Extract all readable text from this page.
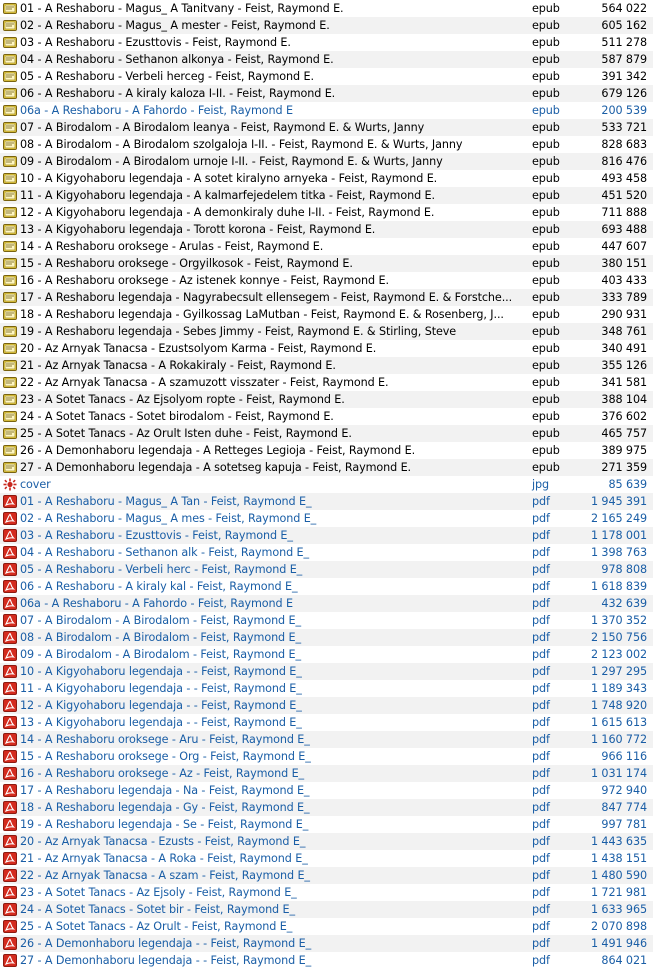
01 - A Reshaboru - Magus_ A Tanitvany - Feist, Raymond E.	epub	564 022
02 - A Reshaboru - Magus_ A mester - Feist, Raymond E.	epub	605 162
03 - A Reshaboru - Ezusttovis - Feist, Raymond E.	epub	511 278
04 - A Reshaboru - Sethanon alkonya - Feist, Raymond E.	epub	587 879
05 - A Reshaboru - Verbeli herceg - Feist, Raymond E.	epub	391 342
06 - A Reshaboru - A kiraly kaloza I-II. - Feist, Raymond E.	epub	679 126
06a - A Reshaboru - A Fahordo - Feist, Raymond E	epub	200 539
07 - A Birodalom - A Birodalom leanya - Feist, Raymond E. & Wurts, Janny	epub	533 721
08 - A Birodalom - A Birodalom szolgaloja I-II. - Feist, Raymond E. & Wurts, Janny	epub	828 683
09 - A Birodalom - A Birodalom urnoje I-II. - Feist, Raymond E. & Wurts, Janny	epub	816 476
10 - A Kigyohaboru legendaja - A sotet kiralyno arnyeka - Feist, Raymond E.	epub	493 458
11 - A Kigyohaboru legendaja - A kalmarfejedelem titka - Feist, Raymond E.	epub	451 520
12 - A Kigyohaboru legendaja - A demonkiraly duhe I-II. - Feist, Raymond E.	epub	711 888
13 - A Kigyohaboru legendaja - Torott korona - Feist, Raymond E.	epub	693 488
14 - A Reshaboru oroksege - Arulas - Feist, Raymond E.	epub	447 607
15 - A Reshaboru oroksege - Orgyilkosok - Feist, Raymond E.	epub	380 151
16 - A Reshaboru oroksege - Az istenek konnye - Feist, Raymond E.	epub	403 433
17 - A Reshaboru legendaja - Nagyrabecsult ellensegem - Feist, Raymond E. & Forstche...	epub	333 789
18 - A Reshaboru legendaja - Gyilkossag LaMutban - Feist, Raymond E. & Rosenberg, J...	epub	290 931
19 - A Reshaboru legendaja - Sebes Jimmy - Feist, Raymond E. & Stirling, Steve	epub	348 761
20 - Az Arnyak Tanacsa - Ezustsolyom Karma - Feist, Raymond E.	epub	340 491
21 - Az Arnyak Tanacsa - A Rokakiraly - Feist, Raymond E.	epub	355 126
22 - Az Arnyak Tanacsa - A szamuzott visszater - Feist, Raymond E.	epub	341 581
23 - A Sotet Tanacs - Az Ejsolyom ropte - Feist, Raymond E.	epub	388 104
24 - A Sotet Tanacs - Sotet birodalom - Feist, Raymond E.	epub	376 602
25 - A Sotet Tanacs - Az Orult Isten duhe - Feist, Raymond E.	epub	465 757
26 - A Demonhaboru legendaja - A Retteges Legioja - Feist, Raymond E.	epub	389 975
27 - A Demonhaboru legendaja - A sotetseg kapuja - Feist, Raymond E.	epub	271 359
cover	jpg	85 639
01 - A Reshaboru - Magus_ A Tan - Feist, Raymond E_	pdf	1 945 391
02 - A Reshaboru - Magus_ A mes - Feist, Raymond E_	pdf	2 165 249
03 - A Reshaboru - Ezusttovis - Feist, Raymond E_	pdf	1 178 001
04 - A Reshaboru - Sethanon alk - Feist, Raymond E_	pdf	1 398 763
05 - A Reshaboru - Verbeli herc - Feist, Raymond E_	pdf	978 808
06 - A Reshaboru - A kiraly kal - Feist, Raymond E_	pdf	1 618 839
06a - A Reshaboru - A Fahordo - Feist, Raymond E	pdf	432 639
07 - A Birodalom - A Birodalom - Feist, Raymond E_	pdf	1 370 352
08 - A Birodalom - A Birodalom - Feist, Raymond E_	pdf	2 150 756
09 - A Birodalom - A Birodalom - Feist, Raymond E_	pdf	2 123 002
10 - A Kigyohaboru legendaja - - Feist, Raymond E_	pdf	1 297 295
11 - A Kigyohaboru legendaja - - Feist, Raymond E_	pdf	1 189 343
12 - A Kigyohaboru legendaja - - Feist, Raymond E_	pdf	1 748 920
13 - A Kigyohaboru legendaja - - Feist, Raymond E_	pdf	1 615 613
14 - A Reshaboru oroksege - Aru - Feist, Raymond E_	pdf	1 160 772
15 - A Reshaboru oroksege - Org - Feist, Raymond E_	pdf	966 116
16 - A Reshaboru oroksege - Az - Feist, Raymond E_	pdf	1 031 174
17 - A Reshaboru legendaja - Na - Feist, Raymond E_	pdf	972 940
18 - A Reshaboru legendaja - Gy - Feist, Raymond E_	pdf	847 774
19 - A Reshaboru legendaja - Se - Feist, Raymond E_	pdf	997 781
20 - Az Arnyak Tanacsa - Ezusts - Feist, Raymond E_	pdf	1 443 635
21 - Az Arnyak Tanacsa - A Roka - Feist, Raymond E_	pdf	1 438 151
22 - Az Arnyak Tanacsa - A szam - Feist, Raymond E_	pdf	1 480 590
23 - A Sotet Tanacs - Az Ejsoly - Feist, Raymond E_	pdf	1 721 981
24 - A Sotet Tanacs - Sotet bir - Feist, Raymond E_	pdf	1 633 965
25 - A Sotet Tanacs - Az Orult - Feist, Raymond E_	pdf	2 070 898
26 - A Demonhaboru legendaja - - Feist, Raymond E_	pdf	1 491 946
27 - A Demonhaboru legendaja - - Feist, Raymond E_	pdf	864 021
